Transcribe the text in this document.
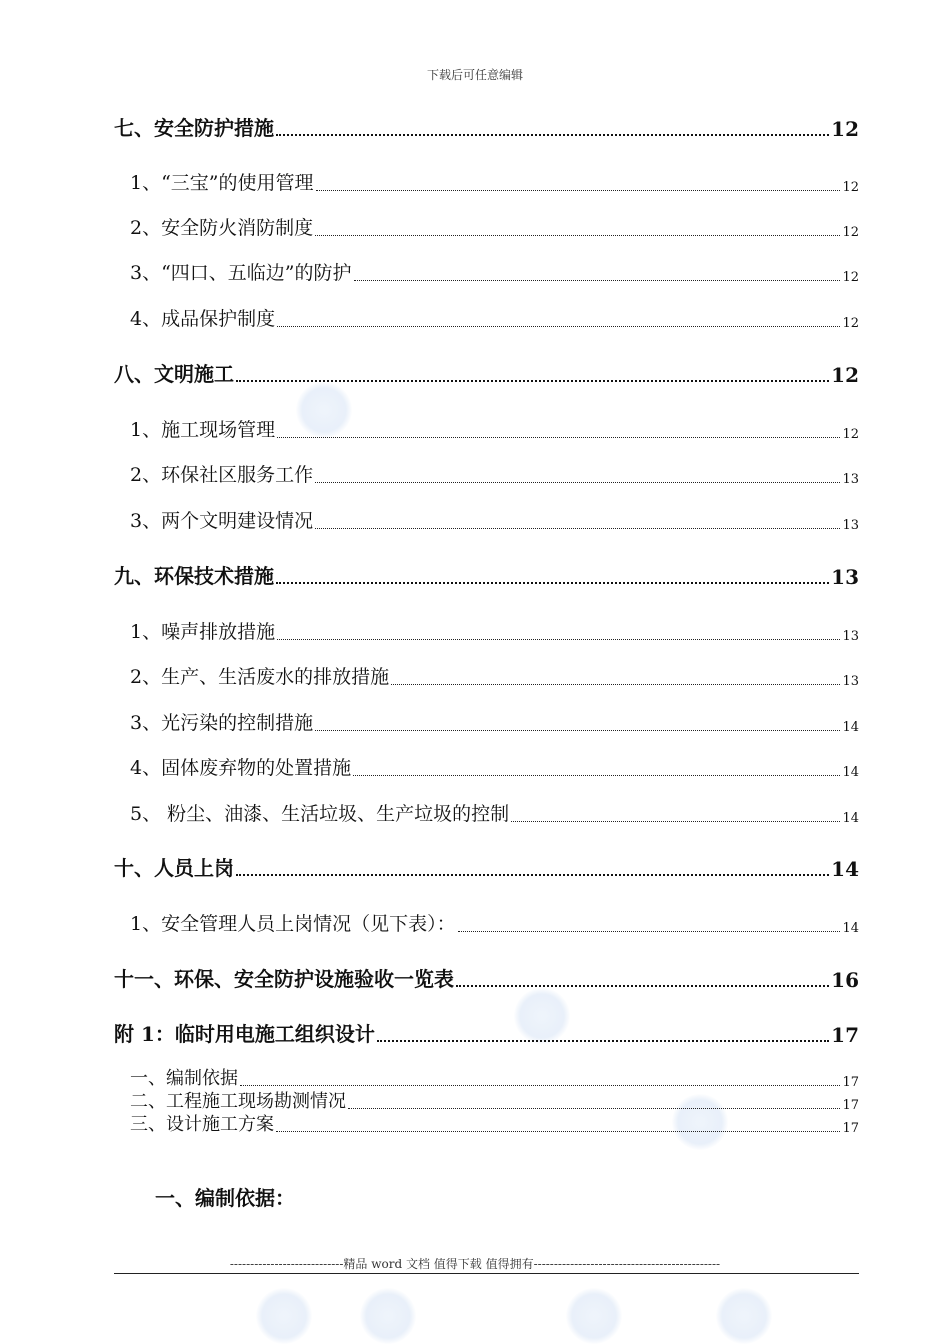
下载后可任意编辑
七、安全防护措施	12
1、“三宝”的使用管理	12
2、安全防火消防制度	12
3、“四口、五临边”的防护	12
4、成品保护制度	12
八、文明施工	12
1、施工现场管理	12
2、环保社区服务工作	13
3、两个文明建设情况	13
九、环保技术措施	13
1、噪声排放措施	13
2、生产、生活废水的排放措施	13
3、光污染的控制措施	14
4、固体废弃物的处置措施	14
5、 粉尘、油漆、生活垃圾、生产垃圾的控制	14
十、人员上岗	14
1、安全管理人员上岗情况（见下表）：	14
十一、环保、安全防护设施验收一览表	16
附 1：临时用电施工组织设计	17
一、编制依据	17
二、工程施工现场勘测情况	17
三、设计施工方案	17
一、编制依据：
----------------------------精品 word 文档 值得下载 值得拥有----------------------------------------------
